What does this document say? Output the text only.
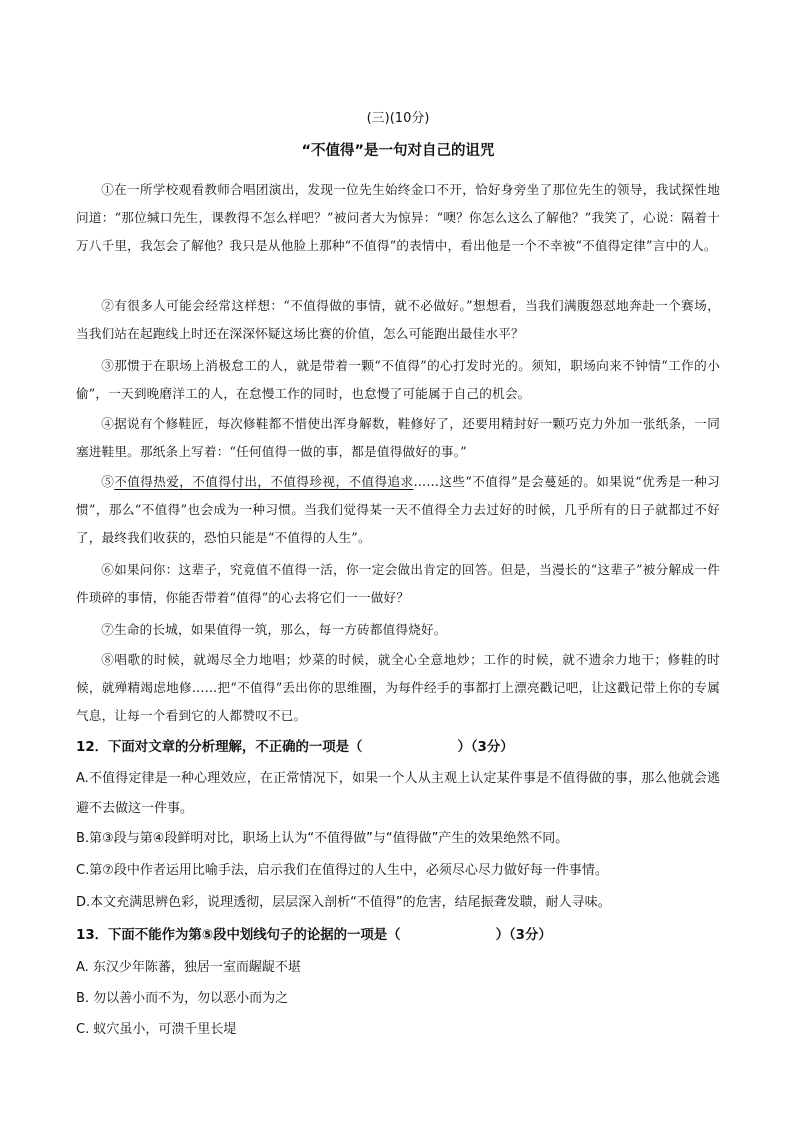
(三)(10分)
“不值得”是一句对自己的诅咒

①在一所学校观看教师合唱团演出，发现一位先生始终金口不开，恰好身旁坐了那位先生的领导，我试探性地问道：“那位缄口先生，课教得不怎么样吧？”被问者大为惊异：“噢？你怎么这么了解他？”我笑了，心说：隔着十万八千里，我怎会了解他？我只是从他脸上那种“不值得”的表情中，看出他是一个不幸被“不值得定律”言中的人。

②有很多人可能会经常这样想：“不值得做的事情，就不必做好。”想想看，当我们满腹怨怼地奔赴一个赛场，当我们站在起跑线上时还在深深怀疑这场比赛的价值，怎么可能跑出最佳水平？

③那惯于在职场上消极怠工的人，就是带着一颗“不值得”的心打发时光的。须知，职场向来不钟情“工作的小偷”，一天到晚磨洋工的人，在怠慢工作的同时，也怠慢了可能属于自己的机会。

④据说有个修鞋匠，每次修鞋都不惜使出浑身解数，鞋修好了，还要用精封好一颗巧克力外加一张纸条，一同塞进鞋里。那纸条上写着：“任何值得一做的事，都是值得做好的事。”

⑤不值得热爱，不值得付出，不值得珍视，不值得追求……这些“不值得”是会蔓延的。如果说“优秀是一种习惯”，那么“不值得”也会成为一种习惯。当我们觉得某一天不值得全力去过好的时候，几乎所有的日子就都过不好了，最终我们收获的，恐怕只能是“不值得的人生”。

⑥如果问你：这辈子，究竟值不值得一活，你一定会做出肯定的回答。但是，当漫长的“这辈子”被分解成一件件琐碎的事情，你能否带着“值得”的心去将它们一一做好？

⑦生命的长城，如果值得一筑，那么，每一方砖都值得烧好。

⑧唱歌的时候，就竭尽全力地唱；炒菜的时候，就全心全意地炒；工作的时候，就不遗余力地干；修鞋的时候，就殚精竭虑地修……把“不值得”丢出你的思维圈，为每件经手的事都打上漂亮戳记吧，让这戳记带上你的专属气息，让每一个看到它的人都赞叹不已。

12．下面对文章的分析理解，不正确的一项是（	）（3分）

A.不值得定律是一种心理效应，在正常情况下，如果一个人从主观上认定某件事是不值得做的事，那么他就会逃避不去做这一件事。

B.第③段与第④段鲜明对比，职场上认为“不值得做”与“值得做”产生的效果绝然不同。

C.第⑦段中作者运用比喻手法，启示我们在值得过的人生中，必须尽心尽力做好每一件事情。

D.本文充满思辨色彩，说理透彻，层层深入剖析“不值得”的危害，结尾振聋发聩，耐人寻味。

13．下面不能作为第⑤段中划线句子的论据的一项是（	）（3分）

A. 东汉少年陈蕃，独居一室而龌龊不堪

B. 勿以善小而不为，勿以恶小而为之

C. 蚁穴虽小，可溃千里长堤
